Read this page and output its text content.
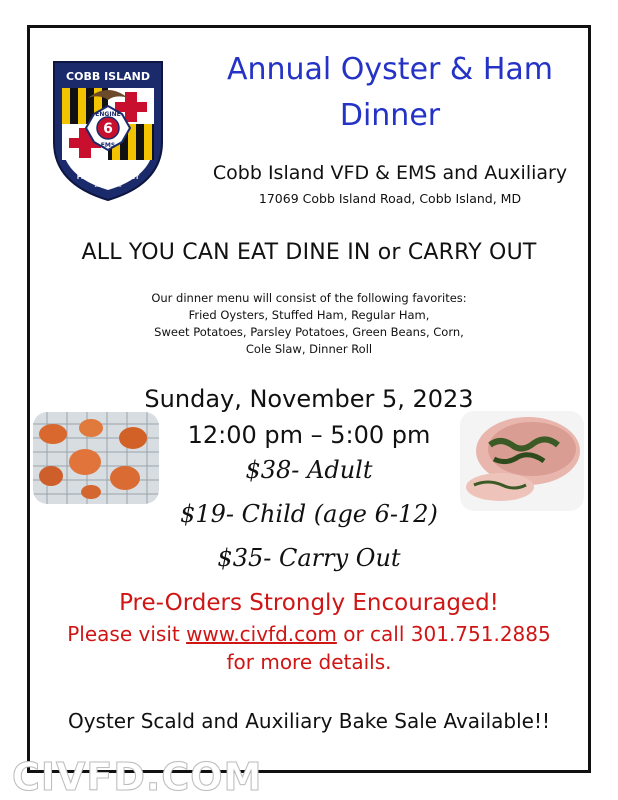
COBB ISLAND
ENGINE
6
EMS
VOLUNTEER
FIRE DEPARTMENT
EST. 1946
Annual Oyster & Ham
Dinner
Cobb Island VFD & EMS and Auxiliary
17069 Cobb Island Road, Cobb Island, MD
ALL YOU CAN EAT DINE IN or CARRY OUT
Our dinner menu will consist of the following favorites:
Fried Oysters, Stuffed Ham, Regular Ham,
Sweet Potatoes, Parsley Potatoes, Green Beans, Corn,
Cole Slaw, Dinner Roll
Sunday, November 5, 2023
12:00 pm – 5:00 pm
$38- Adult
$19- Child (age 6-12)
$35- Carry Out
Pre-Orders Strongly Encouraged!
Please visit www.civfd.com or call 301.751.2885
for more details.
Oyster Scald and Auxiliary Bake Sale Available!!
CIVFD.COM
